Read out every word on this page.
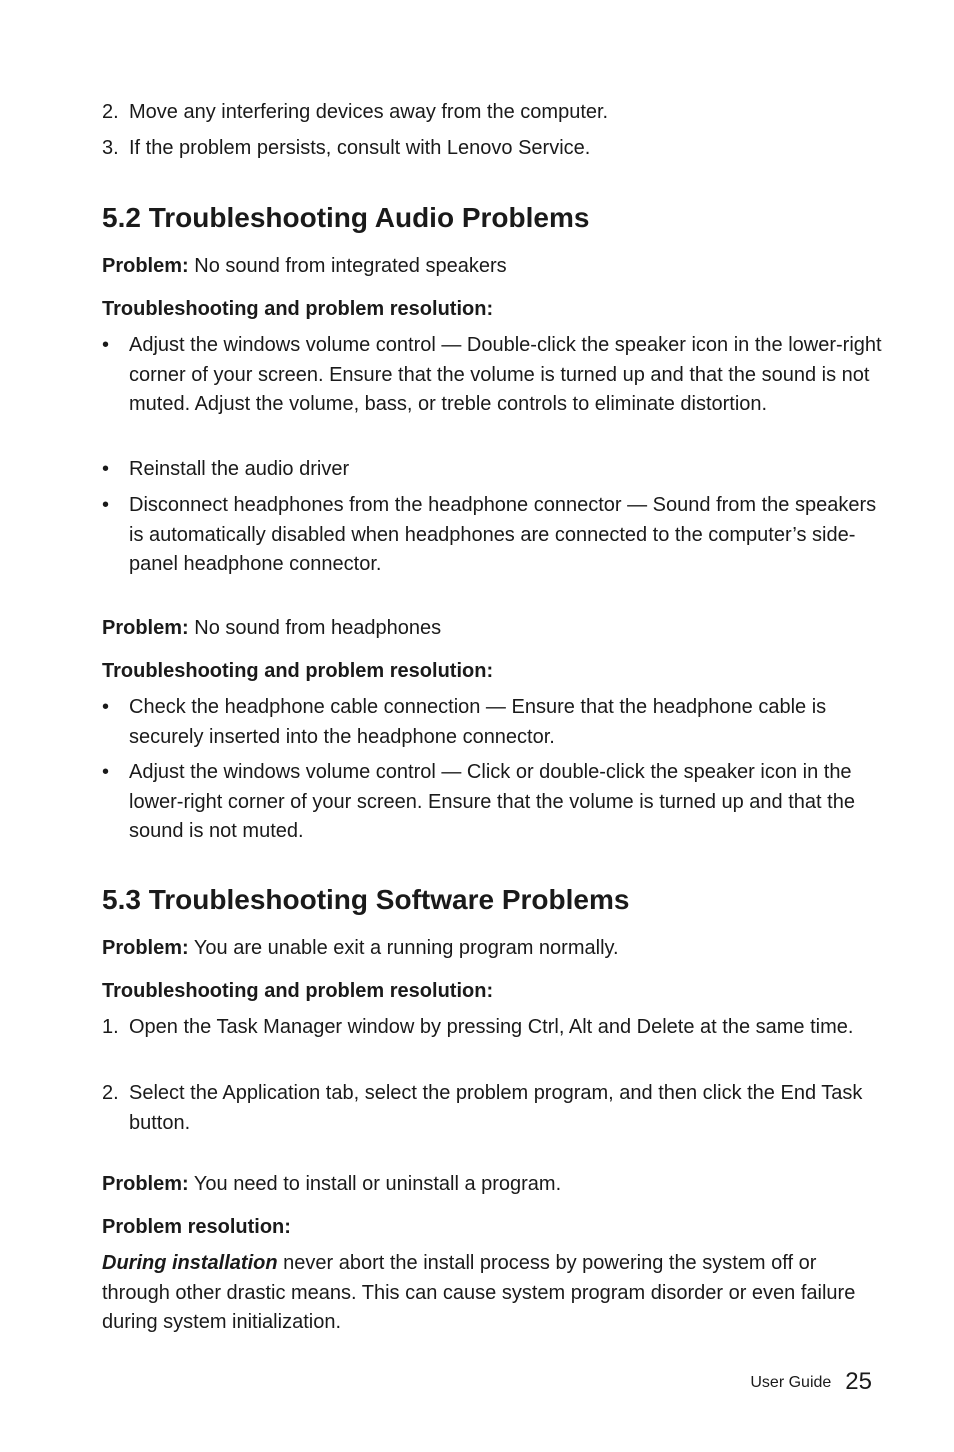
2. Move any interfering devices away from the computer.
3. If the problem persists, consult with Lenovo Service.
5.2 Troubleshooting Audio Problems
Problem: No sound from integrated speakers
Troubleshooting and problem resolution:
• Adjust the windows volume control — Double-click the speaker icon in the lower-right corner of your screen. Ensure that the volume is turned up and that the sound is not muted. Adjust the volume, bass, or treble controls to eliminate distortion.
• Reinstall the audio driver
• Disconnect headphones from the headphone connector — Sound from the speakers is automatically disabled when headphones are connected to the computer’s side-panel headphone connector.
Problem: No sound from headphones
Troubleshooting and problem resolution:
• Check the headphone cable connection — Ensure that the headphone cable is securely inserted into the headphone connector.
• Adjust the windows volume control — Click or double-click the speaker icon in the lower-right corner of your screen. Ensure that the volume is turned up and that the sound is not muted.
5.3 Troubleshooting Software Problems
Problem: You are unable exit a running program normally.
Troubleshooting and problem resolution:
1. Open the Task Manager window by pressing Ctrl, Alt and Delete at the same time.
2. Select the Application tab, select the problem program, and then click the End Task button.
Problem: You need to install or uninstall a program.
Problem resolution:
During installation never abort the install process by powering the system off or through other drastic means. This can cause system program disorder or even failure during system initialization.
User Guide 25
